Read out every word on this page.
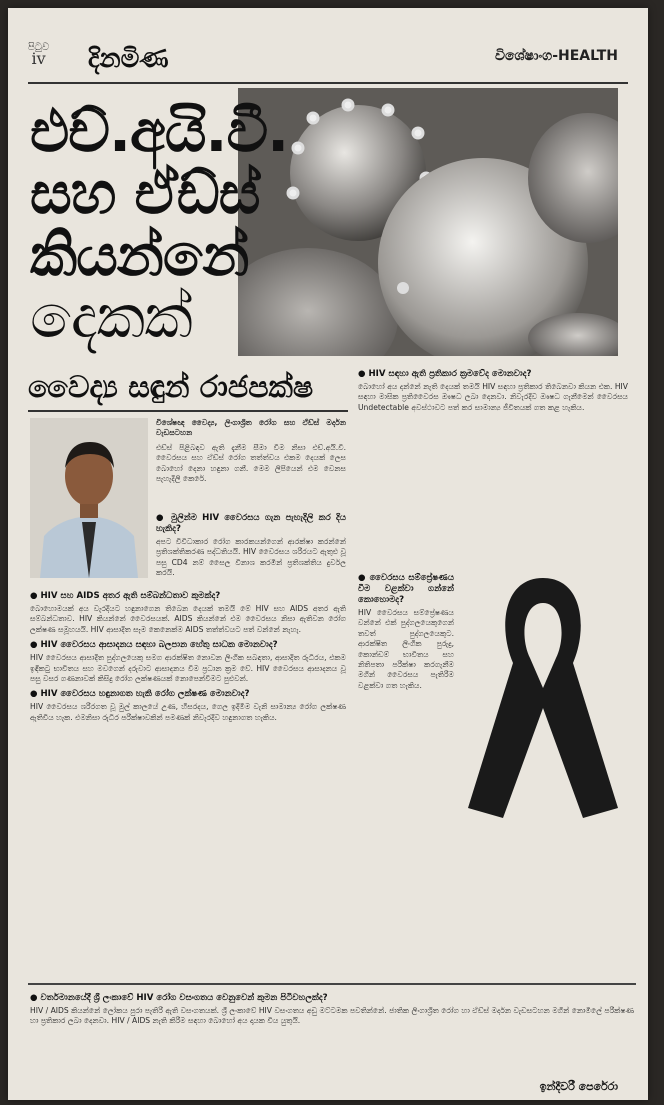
පිටුව
iv දිනමිණ	විශේෂාංග-HEALTH
එච්.අයි.වී.
සහ ඒඩ්ස්
කියන්නේ
දෙකක්
වෛද්‍ය සඳුන් රාජපක්ෂ
විශේෂඥ වෛද්‍ය, ලිංගාශ්‍රිත රෝග සහ ඒඩ්ස් මර්දන වැඩසටහන
එඩ්ස් පිළිබඳව ඇති දැනීම සීමා වීම නිසා එච්.අයි.වී. වෛරසය සහ ඒඩ්ස් රෝග තත්ත්වය එකම දෙයක් ලෙස බොහෝ දෙනා හඳුනා ගනී. මෙම ලිපියෙන් එම වෙනස පැහැදිලි කෙරේ.
● මුලින්ම HIV වෛරසය ගැන පැහැදිලි කර දිය හැකිද?
අපට විවිධාකාර රෝග කාරකයන්ගෙන් ආරක්ෂා කරන්නේ ප්‍රතිශක්තිකරණ පද්ධතියයි. HIV වෛරසය ශරීරයට ඇතුළු වූ පසු CD4 නම් සෛල විනාශ කරමින් ප්‍රතිශක්තිය දුර්වල කරයි.
● HIV සහ AIDS අතර ඇති සම්බන්ධතාව කුමක්ද?
බොහොමයක් අය වැරදියට හඳුනාගෙන තිබෙන දෙයක් තමයි මේ HIV සහ AIDS අතර ඇති සම්බන්ධතාව. HIV කියන්නේ වෛරසයක්. AIDS කියන්නේ එම වෛරසය නිසා ඇතිවන රෝග ලක්ෂණ සමූහයයි. HIV ආසාදිත සෑම කෙනෙක්ම AIDS තත්ත්වයට පත් වන්නේ නැහැ.
● HIV වෛරසය ආසාදනය සඳහා බලපාන හේතු සාධක මොනවාද?
HIV වෛරසය ආසාදිත පුද්ගලයෙකු සමග ආරක්ෂිත නොවන ලිංගික සබඳතා, ආසාදිත රුධිරය, එකම ඉඳිකටු භාවිතය සහ මවගෙන් දරුවාට ආසාදනය වීම ප්‍රධාන ක්‍රම වේ. HIV වෛරසය ආසාදනය වූ පසු වසර ගණනාවක් කිසිදු රෝග ලක්ෂණයක් නොපෙන්වීමට පුළුවන්.
● HIV වෛරසය හඳුනාගත හැකි රෝග ලක්ෂණ මොනවාද?
HIV වෛරසය ශරීරගත වූ මුල් කාලයේ උණ, හිසරදය, ගෙල ඉදිමීම වැනි සාමාන්‍ය රෝග ලක්ෂණ ඇතිවිය හැක. එමනිසා රුධිර පරීක්ෂාවකින් පමණක් නිවැරදිව හඳුනාගත හැකිය.
● HIV සඳහා ඇති ප්‍රතිකාර ක්‍රමවේද මොනවාද?
බොහෝ අය දන්නේ නැති දෙයක් තමයි HIV සඳහා ප්‍රතිකාර තිබෙනවා කියන එක. HIV සඳහා මාසික ප්‍රතිවෛරස ඖෂධ ලබා දෙනවා. නිවැරදිව ඖෂධ ගැනීමෙන් වෛරසය Undetectable අවස්ථාවට පත් කර සාමාන්‍ය ජීවිතයක් ගත කළ හැකිය.
● වෛරසය සම්ප්‍රේෂණය වීම වළක්වා ගන්නේ කොහොමද?
HIV වෛරසය සම්ප්‍රේෂණය වන්නේ එක් පුද්ගලයෙකුගෙන් තවත් පුද්ගලයෙකුට. ආරක්ෂිත ලිංගික පුරුදු, කොන්ඩම් භාවිතය සහ නිතිපතා පරීක්ෂා කරගැනීම මගින් වෛරසය පැතිරීම වළක්වා ගත හැකිය.
● වර්තමානයේදී ශ්‍රී ලංකාවේ HIV රෝග වසංගතය වෙනුවෙන් කුමන පිටිවහලක්ද?
HIV / AIDS කියන්නේ ලෝකය පුරා පැතිරී ඇති වසංගතයක්. ශ්‍රී ලංකාවේ HIV වසංගතය අඩු මට්ටමක පවතින්නේ. ජාතික ලිංගාශ්‍රිත රෝග හා ඒඩ්ස් මර්දන වැඩසටහන මගින් නොමිලේ පරීක්ෂණ හා ප්‍රතිකාර ලබා දෙනවා. HIV / AIDS නැති කිරීම සඳහා බොහෝ අය දායක විය යුතුයි.
ඉන්දීවරී පෙරේරා
